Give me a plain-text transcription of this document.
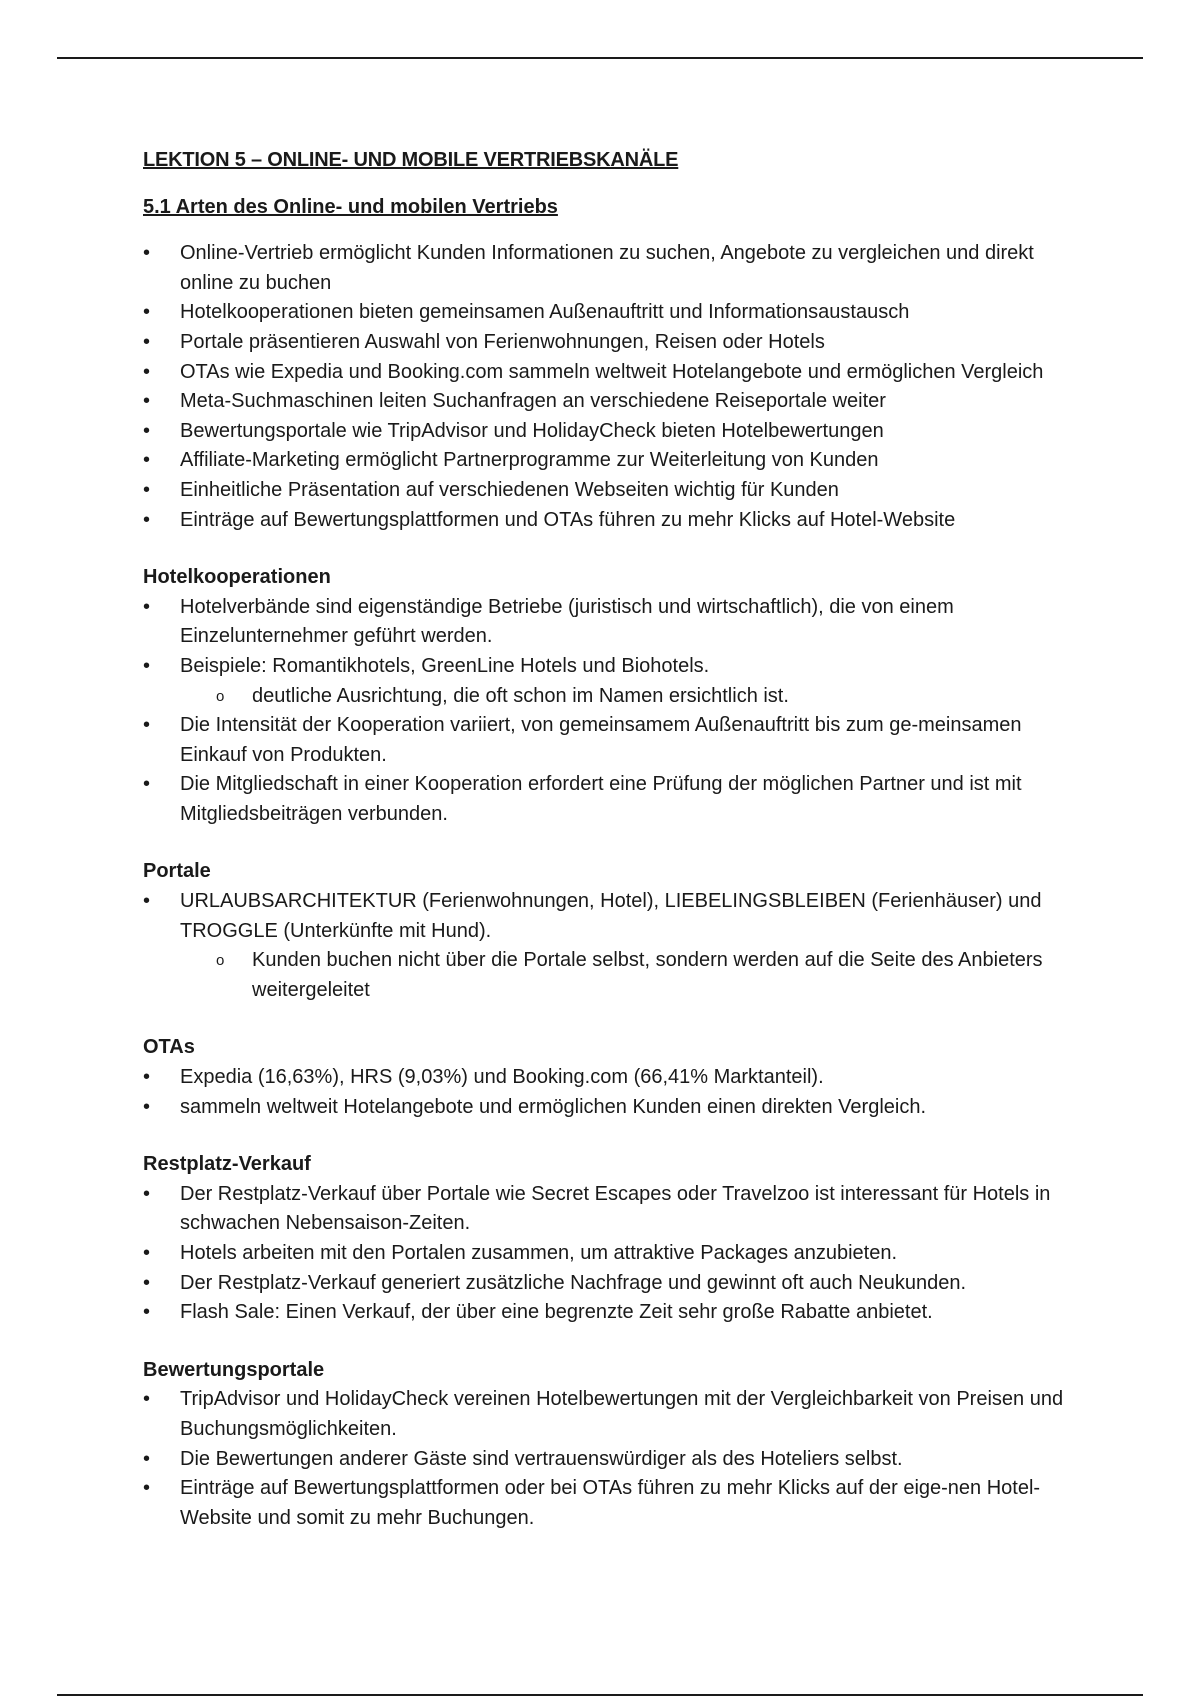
LEKTION 5 – ONLINE- UND MOBILE VERTRIEBSKANÄLE
5.1 Arten des Online- und mobilen Vertriebs
• Online-Vertrieb ermöglicht Kunden Informationen zu suchen, Angebote zu vergleichen und direkt online zu buchen
• Hotelkooperationen bieten gemeinsamen Außenauftritt und Informationsaustausch
• Portale präsentieren Auswahl von Ferienwohnungen, Reisen oder Hotels
• OTAs wie Expedia und Booking.com sammeln weltweit Hotelangebote und ermöglichen Vergleich
• Meta-Suchmaschinen leiten Suchanfragen an verschiedene Reiseportale weiter
• Bewertungsportale wie TripAdvisor und HolidayCheck bieten Hotelbewertungen
• Affiliate-Marketing ermöglicht Partnerprogramme zur Weiterleitung von Kunden
• Einheitliche Präsentation auf verschiedenen Webseiten wichtig für Kunden
• Einträge auf Bewertungsplattformen und OTAs führen zu mehr Klicks auf Hotel-Website
Hotelkooperationen
• Hotelverbände sind eigenständige Betriebe (juristisch und wirtschaftlich), die von einem Einzelunternehmer geführt werden.
• Beispiele: Romantikhotels, GreenLine Hotels und Biohotels.
o deutliche Ausrichtung, die oft schon im Namen ersichtlich ist.
• Die Intensität der Kooperation variiert, von gemeinsamem Außenauftritt bis zum ge-meinsamen Einkauf von Produkten.
• Die Mitgliedschaft in einer Kooperation erfordert eine Prüfung der möglichen Partner und ist mit Mitgliedsbeiträgen verbunden.
Portale
• URLAUBSARCHITEKTUR (Ferienwohnungen, Hotel), LIEBELINGSBLEIBEN (Ferienhäuser) und TROGGLE (Unterkünfte mit Hund).
o Kunden buchen nicht über die Portale selbst, sondern werden auf die Seite des Anbieters weitergeleitet
OTAs
• Expedia (16,63%), HRS (9,03%) und Booking.com (66,41% Marktanteil).
• sammeln weltweit Hotelangebote und ermöglichen Kunden einen direkten Vergleich.
Restplatz-Verkauf
• Der Restplatz-Verkauf über Portale wie Secret Escapes oder Travelzoo ist interessant für Hotels in schwachen Nebensaison-Zeiten.
• Hotels arbeiten mit den Portalen zusammen, um attraktive Packages anzubieten.
• Der Restplatz-Verkauf generiert zusätzliche Nachfrage und gewinnt oft auch Neukunden.
• Flash Sale: Einen Verkauf, der über eine begrenzte Zeit sehr große Rabatte anbietet.
Bewertungsportale
• TripAdvisor und HolidayCheck vereinen Hotelbewertungen mit der Vergleichbarkeit von Preisen und Buchungsmöglichkeiten.
• Die Bewertungen anderer Gäste sind vertrauenswürdiger als des Hoteliers selbst.
• Einträge auf Bewertungsplattformen oder bei OTAs führen zu mehr Klicks auf der eige-nen Hotel-Website und somit zu mehr Buchungen.
